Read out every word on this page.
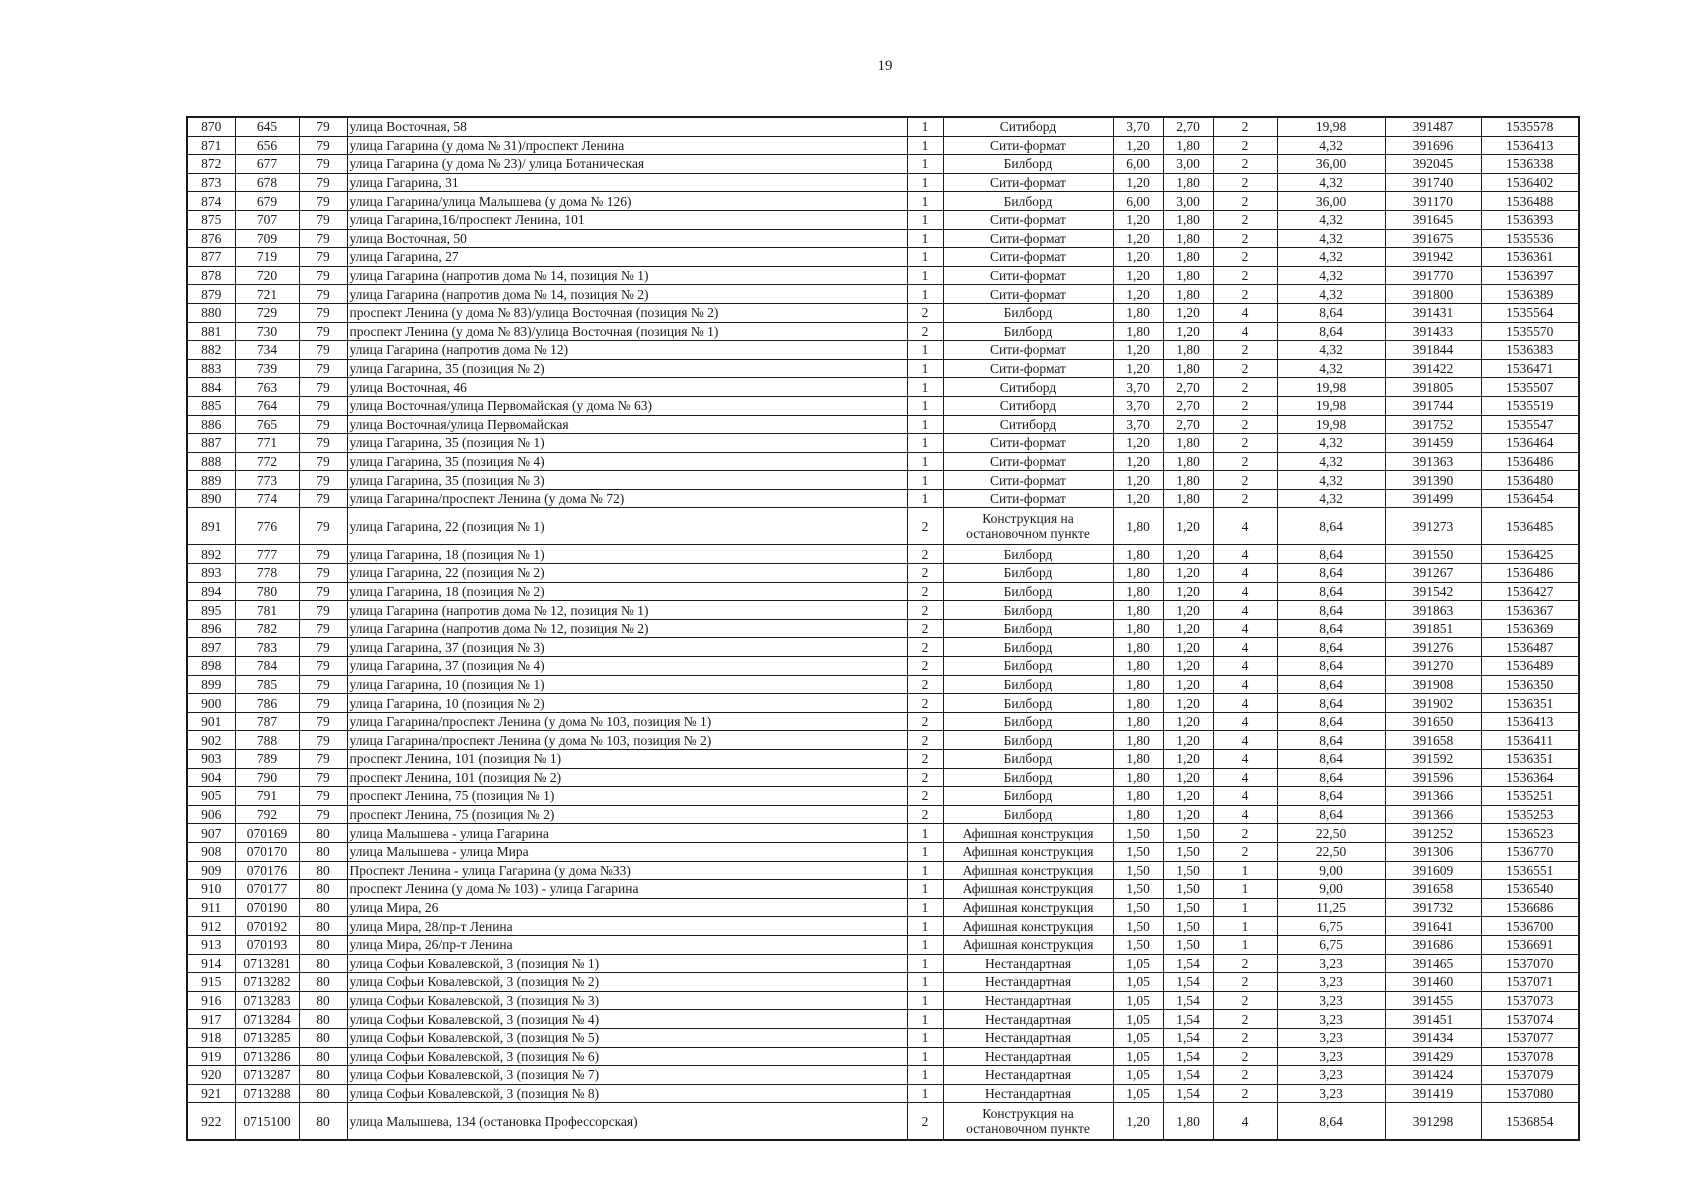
19
870	645	79	улица Восточная, 58	1	Ситиборд	3,70	2,70	2	19,98	391487	1535578
871	656	79	улица Гагарина (у дома № 31)/проспект Ленина	1	Сити-формат	1,20	1,80	2	4,32	391696	1536413
872	677	79	улица Гагарина (у дома № 23)/ улица Ботаническая	1	Билборд	6,00	3,00	2	36,00	392045	1536338
873	678	79	улица Гагарина, 31	1	Сити-формат	1,20	1,80	2	4,32	391740	1536402
874	679	79	улица Гагарина/улица Малышева (у дома № 126)	1	Билборд	6,00	3,00	2	36,00	391170	1536488
875	707	79	улица Гагарина,16/проспект Ленина, 101	1	Сити-формат	1,20	1,80	2	4,32	391645	1536393
876	709	79	улица Восточная, 50	1	Сити-формат	1,20	1,80	2	4,32	391675	1535536
877	719	79	улица Гагарина, 27	1	Сити-формат	1,20	1,80	2	4,32	391942	1536361
878	720	79	улица Гагарина (напротив дома № 14, позиция № 1)	1	Сити-формат	1,20	1,80	2	4,32	391770	1536397
879	721	79	улица Гагарина (напротив дома № 14, позиция № 2)	1	Сити-формат	1,20	1,80	2	4,32	391800	1536389
880	729	79	проспект Ленина (у дома № 83)/улица Восточная (позиция № 2)	2	Билборд	1,80	1,20	4	8,64	391431	1535564
881	730	79	проспект Ленина (у дома № 83)/улица Восточная (позиция № 1)	2	Билборд	1,80	1,20	4	8,64	391433	1535570
882	734	79	улица Гагарина (напротив дома № 12)	1	Сити-формат	1,20	1,80	2	4,32	391844	1536383
883	739	79	улица Гагарина, 35 (позиция № 2)	1	Сити-формат	1,20	1,80	2	4,32	391422	1536471
884	763	79	улица Восточная, 46	1	Ситиборд	3,70	2,70	2	19,98	391805	1535507
885	764	79	улица Восточная/улица Первомайская (у дома № 63)	1	Ситиборд	3,70	2,70	2	19,98	391744	1535519
886	765	79	улица Восточная/улица Первомайская	1	Ситиборд	3,70	2,70	2	19,98	391752	1535547
887	771	79	улица Гагарина, 35 (позиция № 1)	1	Сити-формат	1,20	1,80	2	4,32	391459	1536464
888	772	79	улица Гагарина, 35 (позиция № 4)	1	Сити-формат	1,20	1,80	2	4,32	391363	1536486
889	773	79	улица Гагарина, 35 (позиция № 3)	1	Сити-формат	1,20	1,80	2	4,32	391390	1536480
890	774	79	улица Гагарина/проспект Ленина (у дома № 72)	1	Сити-формат	1,20	1,80	2	4,32	391499	1536454
891	776	79	улица Гагарина, 22 (позиция № 1)	2	Конструкция на остановочном пункте	1,80	1,20	4	8,64	391273	1536485
892	777	79	улица Гагарина, 18 (позиция № 1)	2	Билборд	1,80	1,20	4	8,64	391550	1536425
893	778	79	улица Гагарина, 22 (позиция № 2)	2	Билборд	1,80	1,20	4	8,64	391267	1536486
894	780	79	улица Гагарина, 18 (позиция № 2)	2	Билборд	1,80	1,20	4	8,64	391542	1536427
895	781	79	улица Гагарина (напротив дома № 12, позиция № 1)	2	Билборд	1,80	1,20	4	8,64	391863	1536367
896	782	79	улица Гагарина (напротив дома № 12, позиция № 2)	2	Билборд	1,80	1,20	4	8,64	391851	1536369
897	783	79	улица Гагарина, 37 (позиция № 3)	2	Билборд	1,80	1,20	4	8,64	391276	1536487
898	784	79	улица Гагарина, 37 (позиция № 4)	2	Билборд	1,80	1,20	4	8,64	391270	1536489
899	785	79	улица Гагарина, 10 (позиция № 1)	2	Билборд	1,80	1,20	4	8,64	391908	1536350
900	786	79	улица Гагарина, 10 (позиция № 2)	2	Билборд	1,80	1,20	4	8,64	391902	1536351
901	787	79	улица Гагарина/проспект Ленина (у дома № 103, позиция № 1)	2	Билборд	1,80	1,20	4	8,64	391650	1536413
902	788	79	улица Гагарина/проспект Ленина (у дома № 103, позиция № 2)	2	Билборд	1,80	1,20	4	8,64	391658	1536411
903	789	79	проспект Ленина, 101 (позиция № 1)	2	Билборд	1,80	1,20	4	8,64	391592	1536351
904	790	79	проспект Ленина, 101 (позиция № 2)	2	Билборд	1,80	1,20	4	8,64	391596	1536364
905	791	79	проспект Ленина, 75 (позиция № 1)	2	Билборд	1,80	1,20	4	8,64	391366	1535251
906	792	79	проспект Ленина, 75 (позиция № 2)	2	Билборд	1,80	1,20	4	8,64	391366	1535253
907	070169	80	улица Малышева - улица Гагарина	1	Афишная конструкция	1,50	1,50	2	22,50	391252	1536523
908	070170	80	улица Малышева - улица Мира	1	Афишная конструкция	1,50	1,50	2	22,50	391306	1536770
909	070176	80	Проспект Ленина - улица Гагарина (у дома №33)	1	Афишная конструкция	1,50	1,50	1	9,00	391609	1536551
910	070177	80	проспект Ленина (у дома № 103) - улица Гагарина	1	Афишная конструкция	1,50	1,50	1	9,00	391658	1536540
911	070190	80	улица Мира, 26	1	Афишная конструкция	1,50	1,50	1	11,25	391732	1536686
912	070192	80	улица Мира, 28/пр-т Ленина	1	Афишная конструкция	1,50	1,50	1	6,75	391641	1536700
913	070193	80	улица Мира, 26/пр-т Ленина	1	Афишная конструкция	1,50	1,50	1	6,75	391686	1536691
914	0713281	80	улица Софьи Ковалевской, 3 (позиция № 1)	1	Нестандартная	1,05	1,54	2	3,23	391465	1537070
915	0713282	80	улица Софьи Ковалевской, 3 (позиция № 2)	1	Нестандартная	1,05	1,54	2	3,23	391460	1537071
916	0713283	80	улица Софьи Ковалевской, 3 (позиция № 3)	1	Нестандартная	1,05	1,54	2	3,23	391455	1537073
917	0713284	80	улица Софьи Ковалевской, 3 (позиция № 4)	1	Нестандартная	1,05	1,54	2	3,23	391451	1537074
918	0713285	80	улица Софьи Ковалевской, 3 (позиция № 5)	1	Нестандартная	1,05	1,54	2	3,23	391434	1537077
919	0713286	80	улица Софьи Ковалевской, 3 (позиция № 6)	1	Нестандартная	1,05	1,54	2	3,23	391429	1537078
920	0713287	80	улица Софьи Ковалевской, 3 (позиция № 7)	1	Нестандартная	1,05	1,54	2	3,23	391424	1537079
921	0713288	80	улица Софьи Ковалевской, 3 (позиция № 8)	1	Нестандартная	1,05	1,54	2	3,23	391419	1537080
922	0715100	80	улица Малышева, 134 (остановка Профессорская)	2	Конструкция на остановочном пункте	1,20	1,80	4	8,64	391298	1536854
